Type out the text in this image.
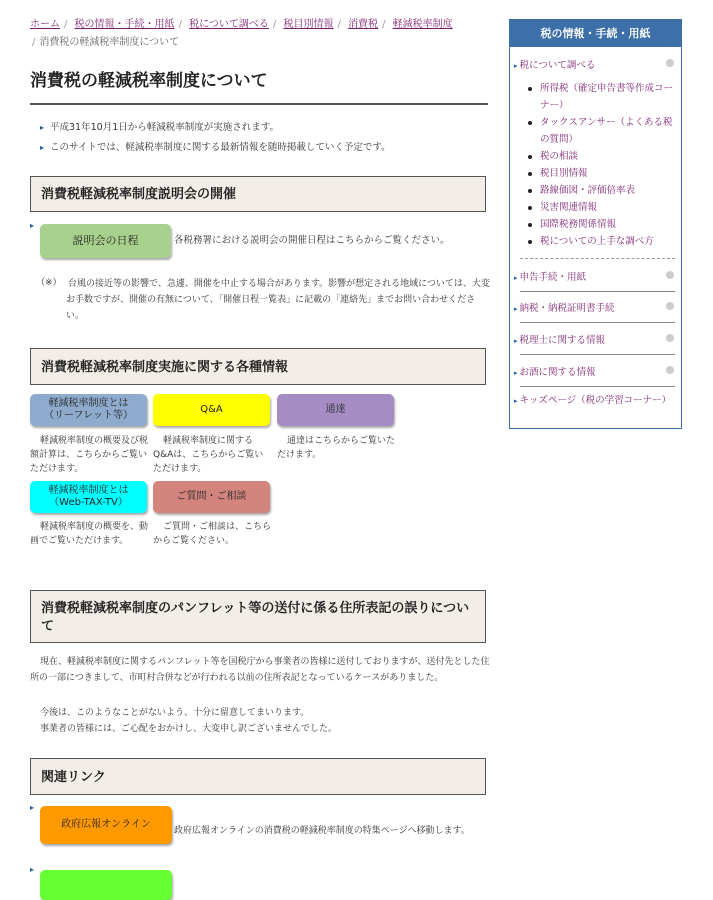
ホーム / 税の情報・手続・用紙 / 税について調べる / 税目別情報 / 消費税 / 軽減税率制度
/ 消費税の軽減税率制度について
消費税の軽減税率制度について
▸ 平成31年10月1日から軽減税率制度が実施されます。
▸ このサイトでは、軽減税率制度に関する最新情報を随時掲載していく予定です。
消費税軽減税率制度説明会の開催
▸
説明会の日程	各税務署における説明会の開催日程はこちらからご覧ください。
（※） 台風の接近等の影響で、急遽、開催を中止する場合があります。影響が想定される地域については、大変お手数ですが、開催の有無について、「開催日程一覧表」に記載の「連絡先」までお問い合わせください。
消費税軽減税率制度実施に関する各種情報
軽減税率制度とは
（リーフレット等）
軽減税率制度の概要及び税額計算は、こちらからご覧いただけます。
Q&A
軽減税率制度に関するQ&Aは、こちらからご覧いただけます。
通達
通達はこちらからご覧いただけます。
軽減税率制度とは
（Web-TAX-TV）
軽減税率制度の概要を、動画でご覧いただけます。
ご質問・ご相談
ご質問・ご相談は、こちらからご覧ください。
消費税軽減税率制度のパンフレット等の送付に係る住所表記の誤りについて
現在、軽減税率制度に関するパンフレット等を国税庁から事業者の皆様に送付しておりますが、送付先とした住所の一部につきまして、市町村合併などが行われる以前の住所表記となっているケースがありました。
今後は、このようなことがないよう、十分に留意してまいります。
事業者の皆様には、ご心配をおかけし、大変申し訳ございませんでした。
関連リンク
▸
政府広報オンライン
政府広報オンラインの消費税の軽減税率制度の特集ページへ移動します。
▸
税の情報・手続・用紙
▸ 税について調べる
所得税（確定申告書等作成コーナー）
タックスアンサー（よくある税の質問）
税の相談
税目別情報
路線価図・評価倍率表
災害関連情報
国際税務関係情報
税についての上手な調べ方
▸ 申告手続・用紙
▸ 納税・納税証明書手続
▸ 税理士に関する情報
▸ お酒に関する情報
▸ キッズページ（税の学習コーナー）
